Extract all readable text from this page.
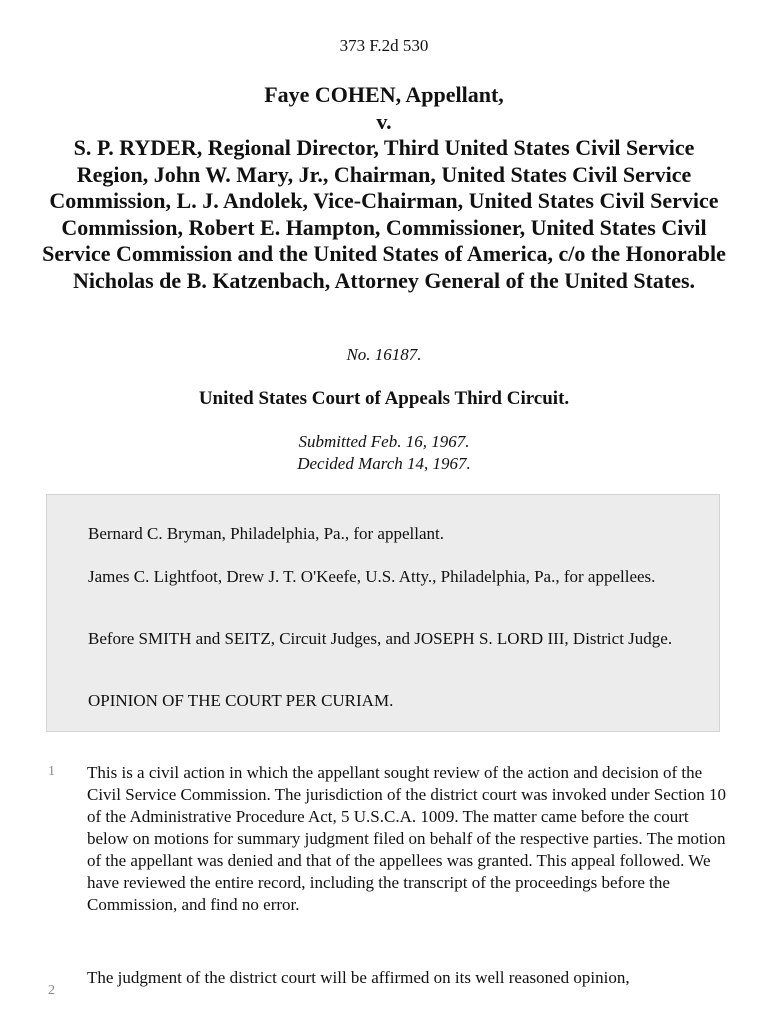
373 F.2d 530
Faye COHEN, Appellant,
v.
S. P. RYDER, Regional Director, Third United States Civil Service Region, John W. Mary, Jr., Chairman, United States Civil Service Commission, L. J. Andolek, Vice-Chairman, United States Civil Service Commission, Robert E. Hampton, Commissioner, United States Civil Service Commission and the United States of America, c/o the Honorable Nicholas de B. Katzenbach, Attorney General of the United States.
No. 16187.
United States Court of Appeals Third Circuit.
Submitted Feb. 16, 1967.
Decided March 14, 1967.

Bernard C. Bryman, Philadelphia, Pa., for appellant.

James C. Lightfoot, Drew J. T. O'Keefe, U.S. Atty., Philadelphia, Pa., for appellees.

Before SMITH and SEITZ, Circuit Judges, and JOSEPH S. LORD III, District Judge.

OPINION OF THE COURT PER CURIAM.

1 This is a civil action in which the appellant sought review of the action and decision of the Civil Service Commission. The jurisdiction of the district court was invoked under Section 10 of the Administrative Procedure Act, 5 U.S.C.A. 1009. The matter came before the court below on motions for summary judgment filed on behalf of the respective parties. The motion of the appellant was denied and that of the appellees was granted. This appeal followed. We have reviewed the entire record, including the transcript of the proceedings before the Commission, and find no error.

2

The judgment of the district court will be affirmed on its well reasoned opinion,
